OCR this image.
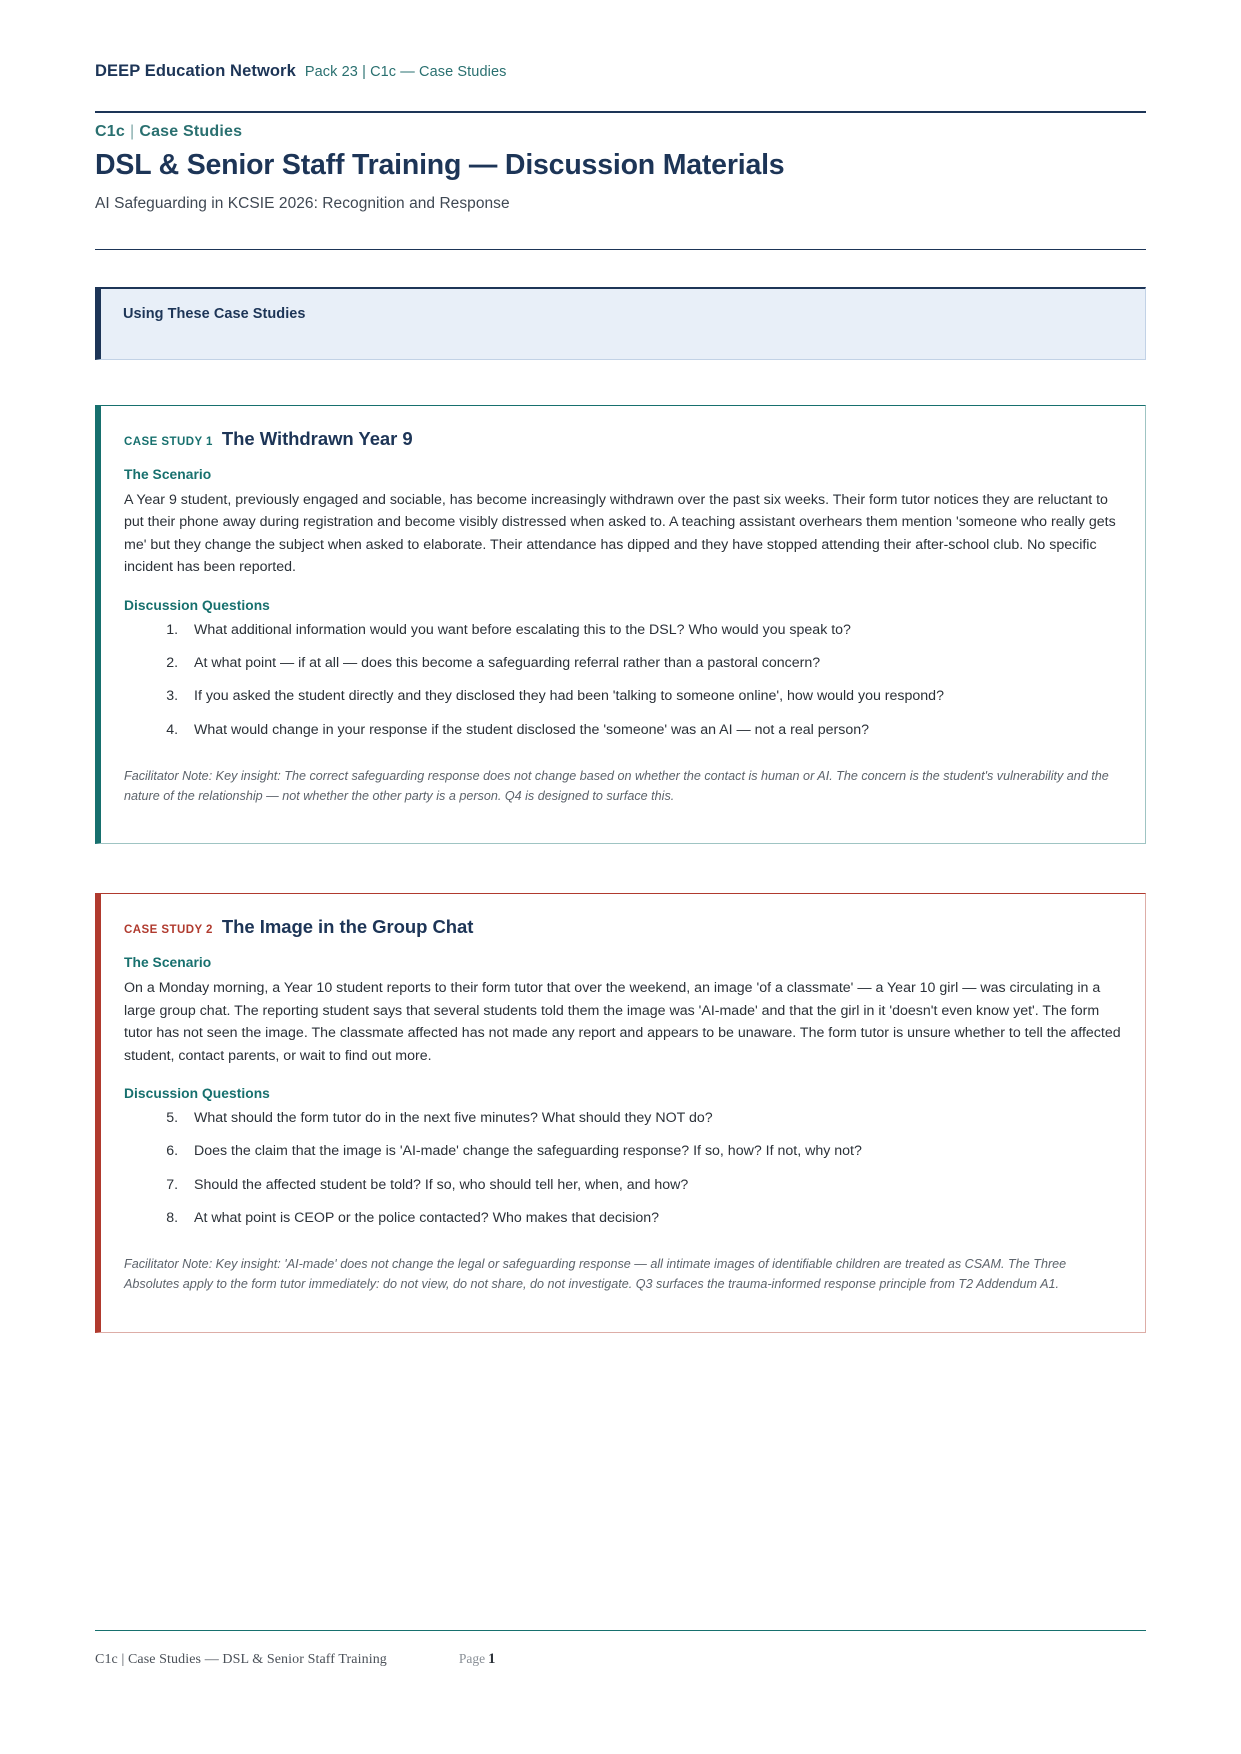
DEEP Education Network Pack 23 | C1c — Case Studies
C1c | Case Studies
DSL & Senior Staff Training — Discussion Materials

AI Safeguarding in KCSIE 2026: Recognition and Response

Using These Case Studies
CASE STUDY 1 The Withdrawn Year 9
The Scenario

A Year 9 student, previously engaged and sociable, has become increasingly withdrawn over the past six weeks. Their form tutor notices they are reluctant to put their phone away during registration and become visibly distressed when asked to. A teaching assistant overhears them mention 'someone who really gets me' but they change the subject when asked to elaborate. Their attendance has dipped and they have stopped attending their after-school club. No specific incident has been reported.

Discussion Questions
1. What additional information would you want before escalating this to the DSL? Who would you speak to?
2. At what point — if at all — does this become a safeguarding referral rather than a pastoral concern?
3. If you asked the student directly and they disclosed they had been 'talking to someone online', how would you respond?
4. What would change in your response if the student disclosed the 'someone' was an AI — not a real person?

Facilitator Note: Key insight: The correct safeguarding response does not change based on whether the contact is human or AI. The concern is the student's vulnerability and the nature of the relationship — not whether the other party is a person. Q4 is designed to surface this.

CASE STUDY 2 The Image in the Group Chat
The Scenario

On a Monday morning, a Year 10 student reports to their form tutor that over the weekend, an image 'of a classmate' — a Year 10 girl — was circulating in a large group chat. The reporting student says that several students told them the image was 'AI-made' and that the girl in it 'doesn't even know yet'. The form tutor has not seen the image. The classmate affected has not made any report and appears to be unaware. The form tutor is unsure whether to tell the affected student, contact parents, or wait to find out more.

Discussion Questions
5. What should the form tutor do in the next five minutes? What should they NOT do?
6. Does the claim that the image is 'AI-made' change the safeguarding response? If so, how? If not, why not?
7. Should the affected student be told? If so, who should tell her, when, and how?
8. At what point is CEOP or the police contacted? Who makes that decision?

Facilitator Note: Key insight: 'AI-made' does not change the legal or safeguarding response — all intimate images of identifiable children are treated as CSAM. The Three Absolutes apply to the form tutor immediately: do not view, do not share, do not investigate. Q3 surfaces the trauma-informed response principle from T2 Addendum A1.

C1c | Case Studies — DSL & Senior Staff Training	Page 1
